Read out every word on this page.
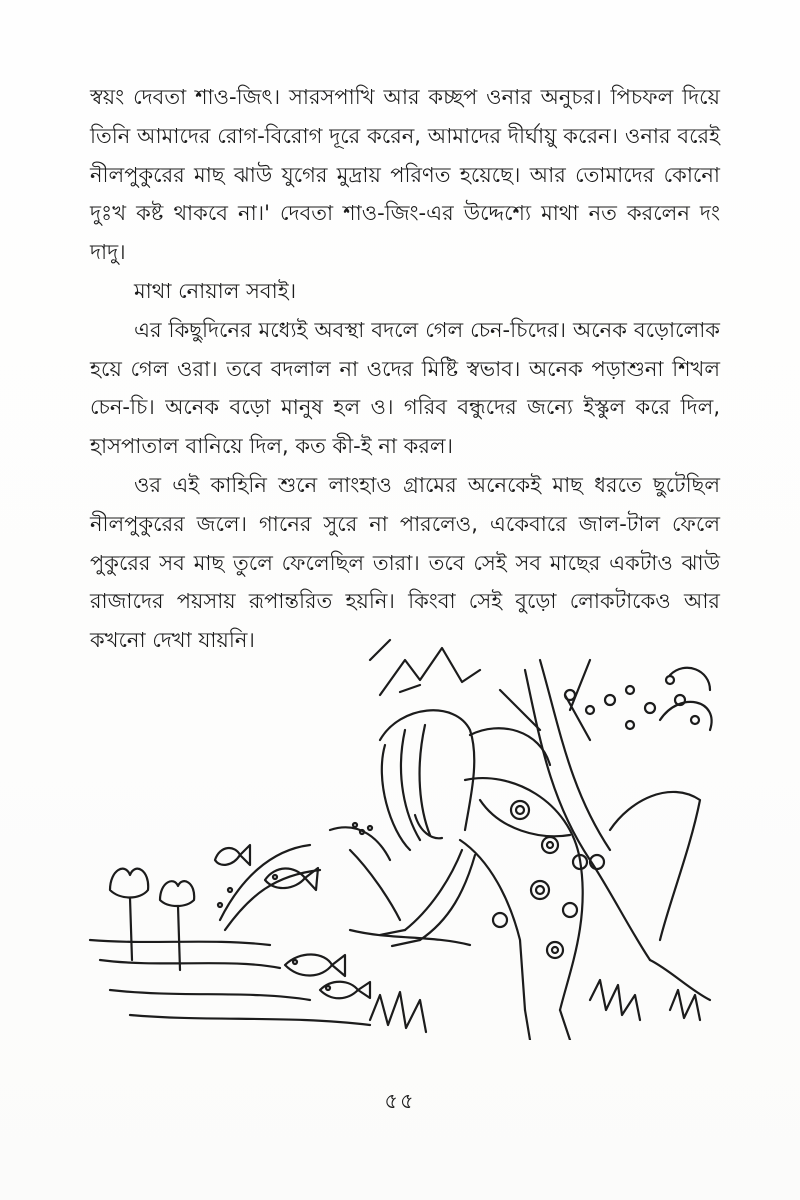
স্বয়ং দেবতা শাও-জিৎ। সারসপাখি আর কচ্ছপ ওনার অনুচর। পিচফল দিয়ে তিনি আমাদের রোগ-বিরোগ দূরে করেন, আমাদের দীর্ঘায়ু করেন। ওনার বরেই নীলপুকুরের মাছ ঝাউ যুগের মুদ্রায় পরিণত হয়েছে। আর তোমাদের কোনো দুঃখ কষ্ট থাকবে না।' দেবতা শাও-জিং-এর উদ্দেশ্যে মাথা নত করলেন দং দাদু।

মাথা নোয়াল সবাই।

এর কিছুদিনের মধ্যেই অবস্থা বদলে গেল চেন-চিদের। অনেক বড়োলোক হয়ে গেল ওরা। তবে বদলাল না ওদের মিষ্টি স্বভাব। অনেক পড়াশুনা শিখল চেন-চি। অনেক বড়ো মানুষ হল ও। গরিব বন্ধুদের জন্যে ইস্কুল করে দিল, হাসপাতাল বানিয়ে দিল, কত কী-ই না করল।

ওর এই কাহিনি শুনে লাংহাও গ্রামের অনেকেই মাছ ধরতে ছুটেছিল নীলপুকুরের জলে। গানের সুরে না পারলেও, একেবারে জাল-টাল ফেলে পুকুরের সব মাছ তুলে ফেলেছিল তারা। তবে সেই সব মাছের একটাও ঝাউ রাজাদের পয়সায় রূপান্তরিত হয়নি। কিংবা সেই বুড়ো লোকটাকেও আর কখনো দেখা যায়নি।

৫৫
